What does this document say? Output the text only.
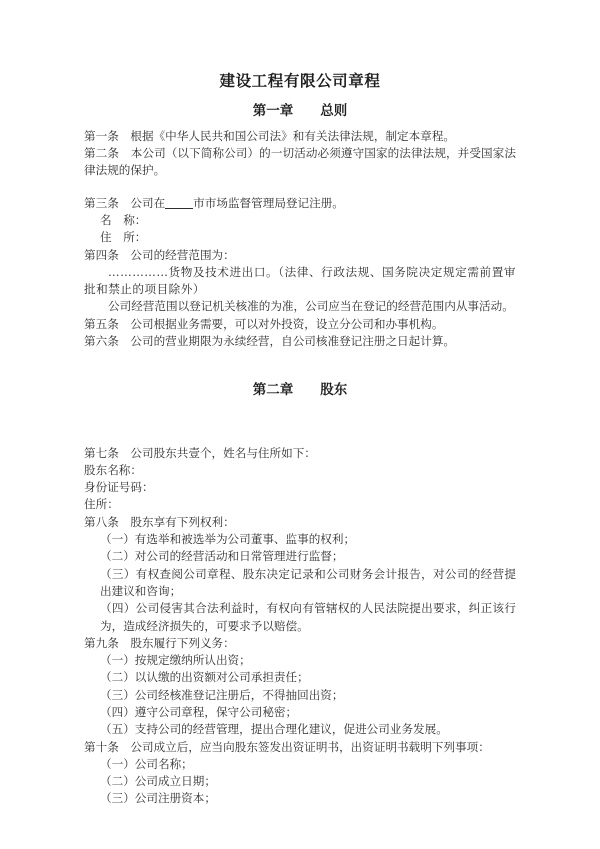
建设工程有限公司章程
第一章　　总则

第一条　根据《中华人民共和国公司法》和有关法律法规，制定本章程。

第二条　本公司（以下简称公司）的一切活动必须遵守国家的法律法规，并受国家法律法规的保护。

第三条　公司在 市市场监督管理局登记注册。

名　称：

住　所：

第四条　公司的经营范围为：

……………货物及技术进出口。（法律、行政法规、国务院决定规定需前置审批和禁止的项目除外）

公司经营范围以登记机关核准的为准，公司应当在登记的经营范围内从事活动。

第五条　公司根据业务需要，可以对外投资，设立分公司和办事机构。

第六条　公司的营业期限为永续经营，自公司核准登记注册之日起计算。

第二章　　股东

第七条　公司股东共壹个，姓名与住所如下：

股东名称：

身份证号码：

住所：

第八条　股东享有下列权利：

（一）有选举和被选举为公司董事、监事的权利；

（二）对公司的经营活动和日常管理进行监督；

（三）有权查阅公司章程、股东决定记录和公司财务会计报告，对公司的经营提出建议和咨询；

（四）公司侵害其合法利益时，有权向有管辖权的人民法院提出要求，纠正该行为，造成经济损失的，可要求予以赔偿。

第九条　股东履行下列义务：

（一）按规定缴纳所认出资；

（二）以认缴的出资额对公司承担责任；

（三）公司经核准登记注册后，不得抽回出资；

（四）遵守公司章程，保守公司秘密；

（五）支持公司的经营管理，提出合理化建议，促进公司业务发展。

第十条　公司成立后，应当向股东签发出资证明书，出资证明书载明下列事项：

（一）公司名称；

（二）公司成立日期；

（三）公司注册资本；
